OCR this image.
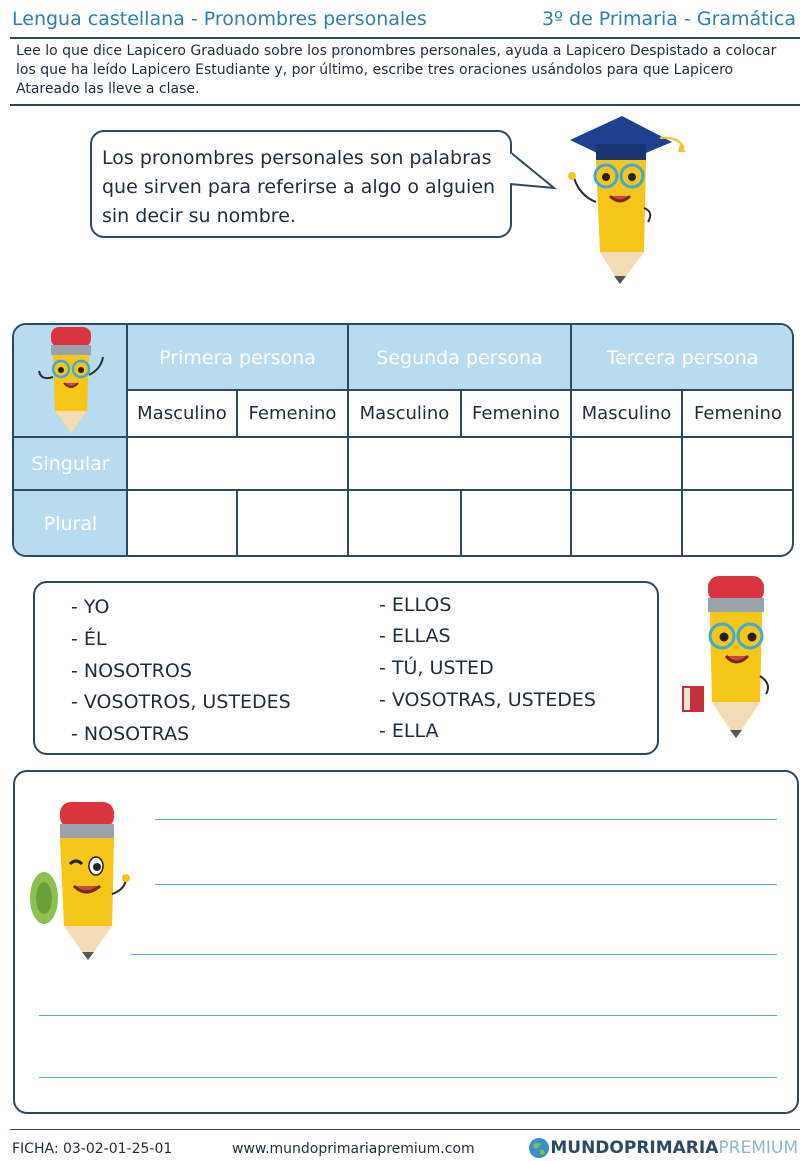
Lengua castellana - Pronombres personales	3º de Primaria - Gramática
Lee lo que dice Lapicero Graduado sobre los pronombres personales, ayuda a Lapicero Despistado a colocar los que ha leído Lapicero Estudiante y, por último, escribe tres oraciones usándolos para que Lapicero Atareado las lleve a clase.
Los pronombres personales son palabras
que sirven para referirse a algo o alguien
sin decir su nombre.
Primera persona	Segunda persona	Tercera persona
Masculino	Femenino	Masculino	Femenino	Masculino	Femenino
Singular
Plural
- YO
- ÉL
- NOSOTROS
- VOSOTROS, USTEDES
- NOSOTRAS
- ELLOS
- ELLAS
- TÚ, USTED
- VOSOTRAS, USTEDES
- ELLA
FICHA: 03-02-01-25-01	www.mundoprimariapremium.com	MUNDOPRIMARIA PREMIUM
